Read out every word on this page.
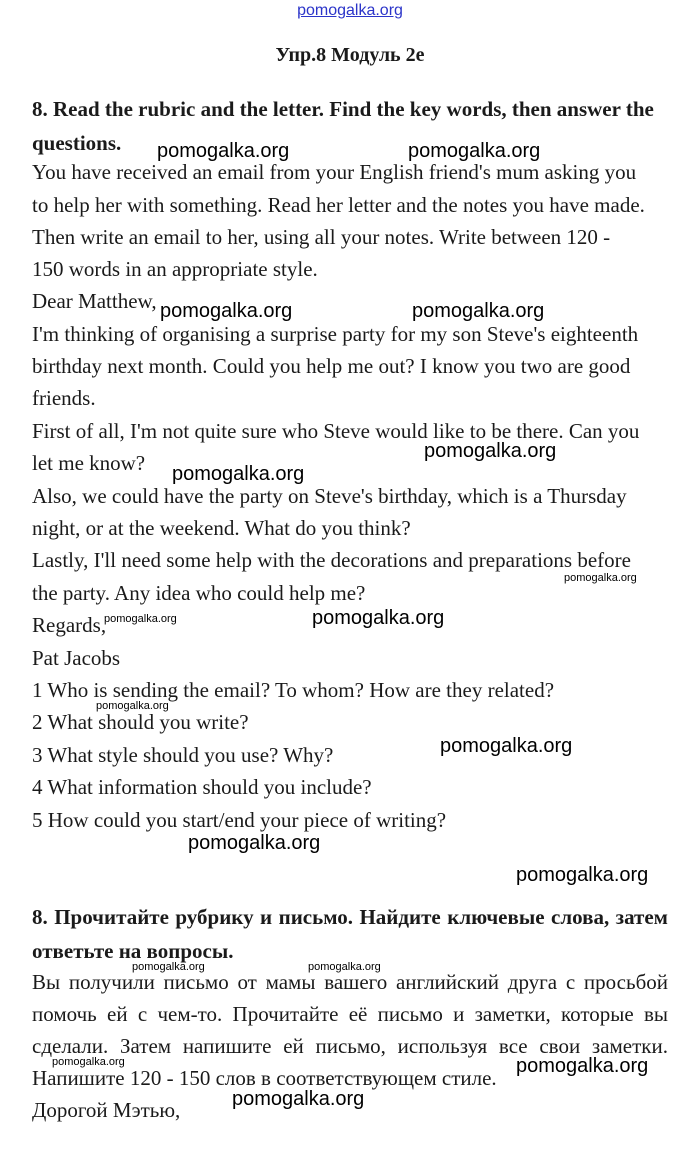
pomogalka.org
Упр.8 Модуль 2е
8. Read the rubric and the letter. Find the key words, then answer the questions.
You have received an email from your English friend's mum asking you
to help her with something. Read her letter and the notes you have made.
Then write an email to her, using all your notes. Write between 120 -
150 words in an appropriate style.
Dear Matthew,
I'm thinking of organising a surprise party for my son Steve's eighteenth
birthday next month. Could you help me out? I know you two are good
friends.
First of all, I'm not quite sure who Steve would like to be there. Can you
let me know?
Also, we could have the party on Steve's birthday, which is a Thursday
night, or at the weekend. What do you think?
Lastly, I'll need some help with the decorations and preparations before
the party. Any idea who could help me?
Regards,
Pat Jacobs
1 Who is sending the email? To whom? How are they related?
2 What should you write?
3 What style should you use? Why?
4 What information should you include?
5 How could you start/end your piece of writing?
8. Прочитайте рубрику и письмо. Найдите ключевые слова, затем ответьте на вопросы.
Вы получили письмо от мамы вашего английский друга с просьбой помочь ей с чем-то. Прочитайте её письмо и заметки, которые вы сделали. Затем напишите ей письмо, используя все свои заметки. Напишите 120 - 150 слов в соответствующем стиле.
Дорогой Мэтью,
pomogalka.org	pomogalka.org
pomogalka.org	pomogalka.org
pomogalka.org
pomogalka.org
pomogalka.org
pomogalka.org	pomogalka.org
pomogalka.org
pomogalka.org
pomogalka.org
pomogalka.org
pomogalka.org	pomogalka.org
pomogalka.org	pomogalka.org
pomogalka.org
